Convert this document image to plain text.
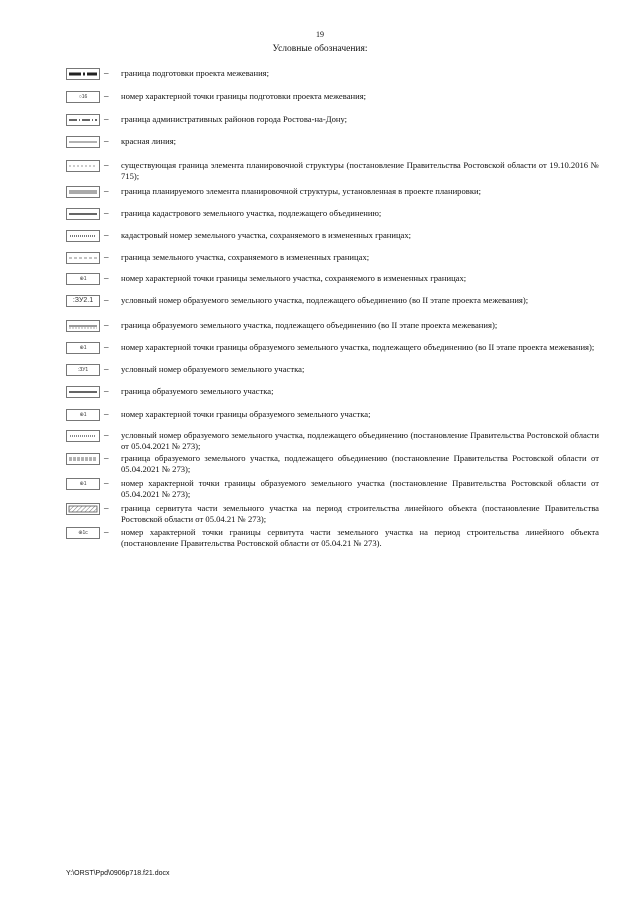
19
Условные обозначения:
– граница подготовки проекта межевания;
○16	– номер характерной точки границы подготовки проекта межевания;
– граница административных районов города Ростова-на-Дону;
– красная линия;
– существующая граница элемента планировочной структуры (постановление Правительства Ростовской области от 19.10.2016 № 715);
– граница планируемого элемента планировочной структуры, установленная в проекте планировки;
– граница кадастрового земельного участка, подлежащего объединению;
– кадастровый номер земельного участка, сохраняемого в измененных границах;
– граница земельного участка, сохраняемого в измененных границах;
⊕1	– номер характерной точки границы земельного участка, сохраняемого в измененных границах;
:ЗУ2.1	– условный номер образуемого земельного участка, подлежащего объединению (во II этапе проекта межевания);
– граница образуемого земельного участка, подлежащего объединению (во II этапе проекта межевания);
⊕1	– номер характерной точки границы образуемого земельного участка, подлежащего объединению (во II этапе проекта межевания);
:ЗУ1	– условный номер образуемого земельного участка;
– граница образуемого земельного участка;
⊕1	– номер характерной точки границы образуемого земельного участка;
– условный номер образуемого земельного участка, подлежащего объединению (постановление Правительства Ростовской области от 05.04.2021 № 273);
– граница образуемого земельного участка, подлежащего объединению (постановление Правительства Ростовской области от 05.04.2021 № 273);
⊕1	– номер характерной точки границы образуемого земельного участка (постановление Правительства Ростовской области от 05.04.2021 № 273);
– граница сервитута части земельного участка на период строительства линейного объекта (постановление Правительства Ростовской области от 05.04.21 № 273);
⊕1с	– номер характерной точки границы сервитута части земельного участка на период строительства линейного объекта (постановление Правительства Ростовской области от 05.04.21 № 273).
Y:\ORST\Ppd\0906p718.f21.docx
